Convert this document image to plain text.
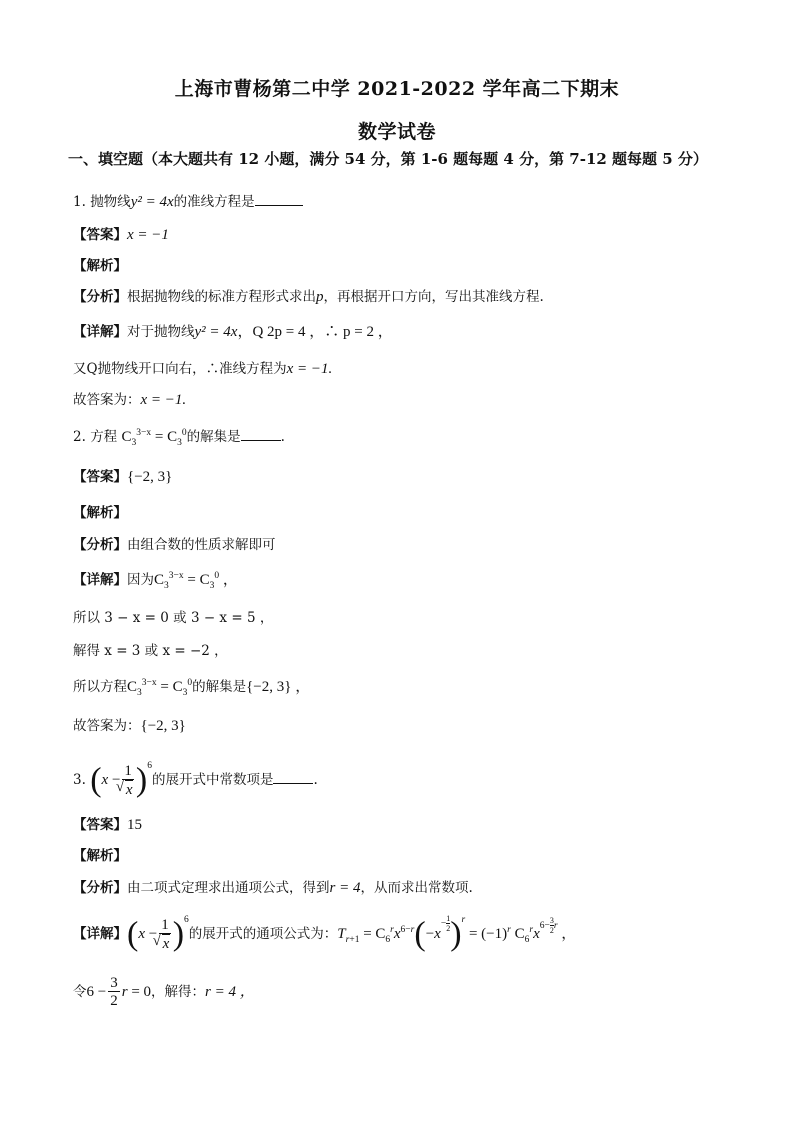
上海市曹杨第二中学 2021-2022 学年高二下期末
数学试卷
一、填空题（本大题共有 12 小题，满分 54 分，第 1-6 题每题 4 分，第 7-12 题每题 5 分）
1. 抛物线y² = 4x的准线方程是
【答案】x = −1
【解析】
【分析】根据抛物线的标准方程形式求出p，再根据开口方向，写出其准线方程.
【详解】对于抛物线y² = 4x，Q 2p = 4 ，∴ p = 2 ，
又Q抛物线开口向右，∴准线方程为x = −1.
故答案为：x = −1.
2. 方程 $C_3^{3-x} = C_3^0$的解集是	.
【答案】{−2, 3}
【解析】
【分析】由组合数的性质求解即可
【详解】因为$C_3^{3-x} = C_3^0$ ，
所以 3 − x = 0 或 3 − x = 5 ，
解得 x = 3 或 x = −2 ，
所以方程$C_3^{3-x} = C_3^0$的解集是{−2, 3} ，
故答案为：{−2, 3}
3. (x − 1
√ x )$^6$的展开式中常数项是	.
【答案】15
【解析】
【分析】由二项式定理求出通项公式，得到r = 4，从而求出常数项.
【详解】(x − 1
√ x )$^6$的展开式的通项公式为：$T_{r+1} = C_6^rx^{6-r}(-x^{- \frac{1}{2}})^r = (-1)^r$ $C_6^rx^{6- \frac{3}{2}r}$ ，
令$6 - \frac{3}{2}$ r = 0，解得：r = 4 ，
